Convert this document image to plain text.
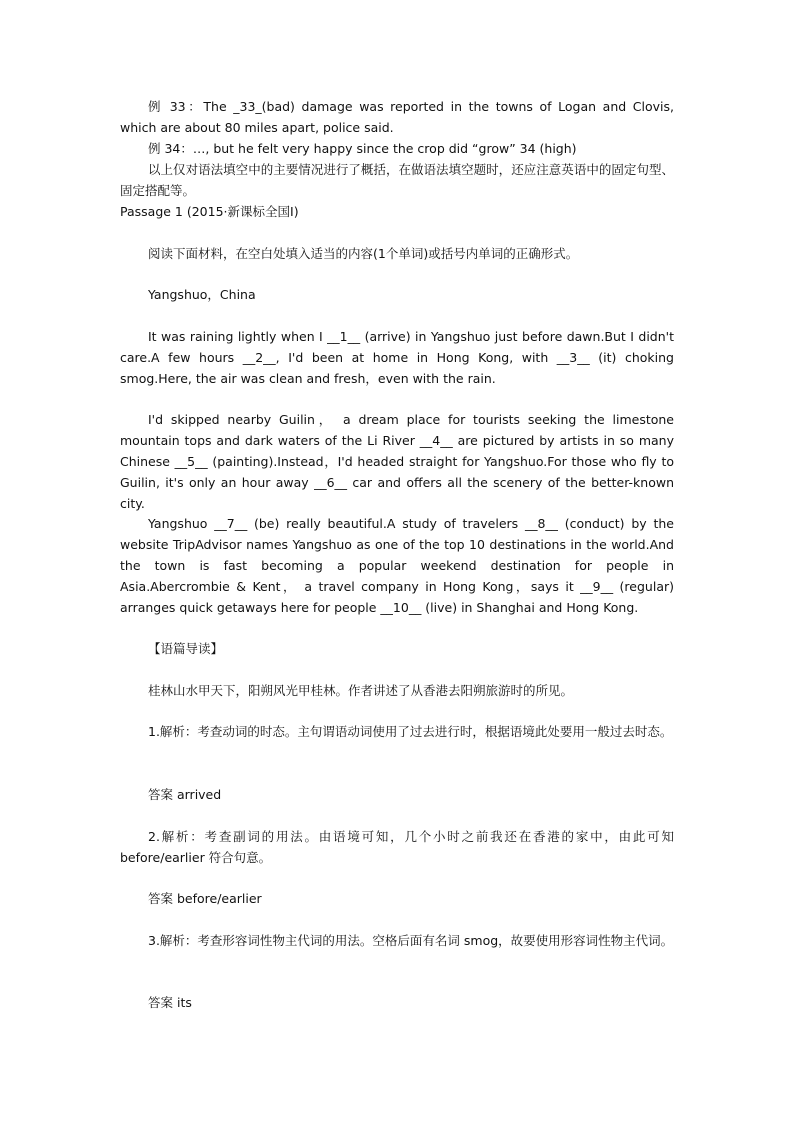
例 33：The _33_(bad) damage was reported in the towns of Logan and Clovis, which are about 80 miles apart, police said.

例 34：…, but he felt very happy since the crop did “grow” 34 (high)

以上仅对语法填空中的主要情况进行了概括，在做语法填空题时，还应注意英语中的固定句型、固定搭配等。

Passage 1 (2015·新课标全国Ⅰ)

阅读下面材料，在空白处填入适当的内容(1个单词)或括号内单词的正确形式。

Yangshuo，China

It was raining lightly when I __1__ (arrive) in Yangshuo just before dawn.But I didn't care.A few hours __2__, I'd been at home in Hong Kong, with __3__ (it) choking smog.Here, the air was clean and fresh，even with the rain.

I'd skipped nearby Guilin， a dream place for tourists seeking the limestone mountain tops and dark waters of the Li River __4__ are pictured by artists in so many Chinese __5__ (painting).Instead，I'd headed straight for Yangshuo.For those who fly to Guilin, it's only an hour away __6__ car and offers all the scenery of the better-known city.

Yangshuo __7__ (be) really beautiful.A study of travelers __8__ (conduct) by the website TripAdvisor names Yangshuo as one of the top 10 destinations in the world.And the town is fast becoming a popular weekend destination for people in Asia.Abercrombie & Kent， a travel company in Hong Kong，says it __9__ (regular) arranges quick getaways here for people __10__ (live) in Shanghai and Hong Kong.

【语篇导读】

桂林山水甲天下，阳朔风光甲桂林。作者讲述了从香港去阳朔旅游时的所见。

1.解析：考查动词的时态。主句谓语动词使用了过去进行时，根据语境此处要用一般过去时态。

答案 arrived

2.解析：考查副词的用法。由语境可知，几个小时之前我还在香港的家中，由此可知before/earlier 符合句意。

答案 before/earlier

3.解析：考查形容词性物主代词的用法。空格后面有名词 smog，故要使用形容词性物主代词。

答案 its
